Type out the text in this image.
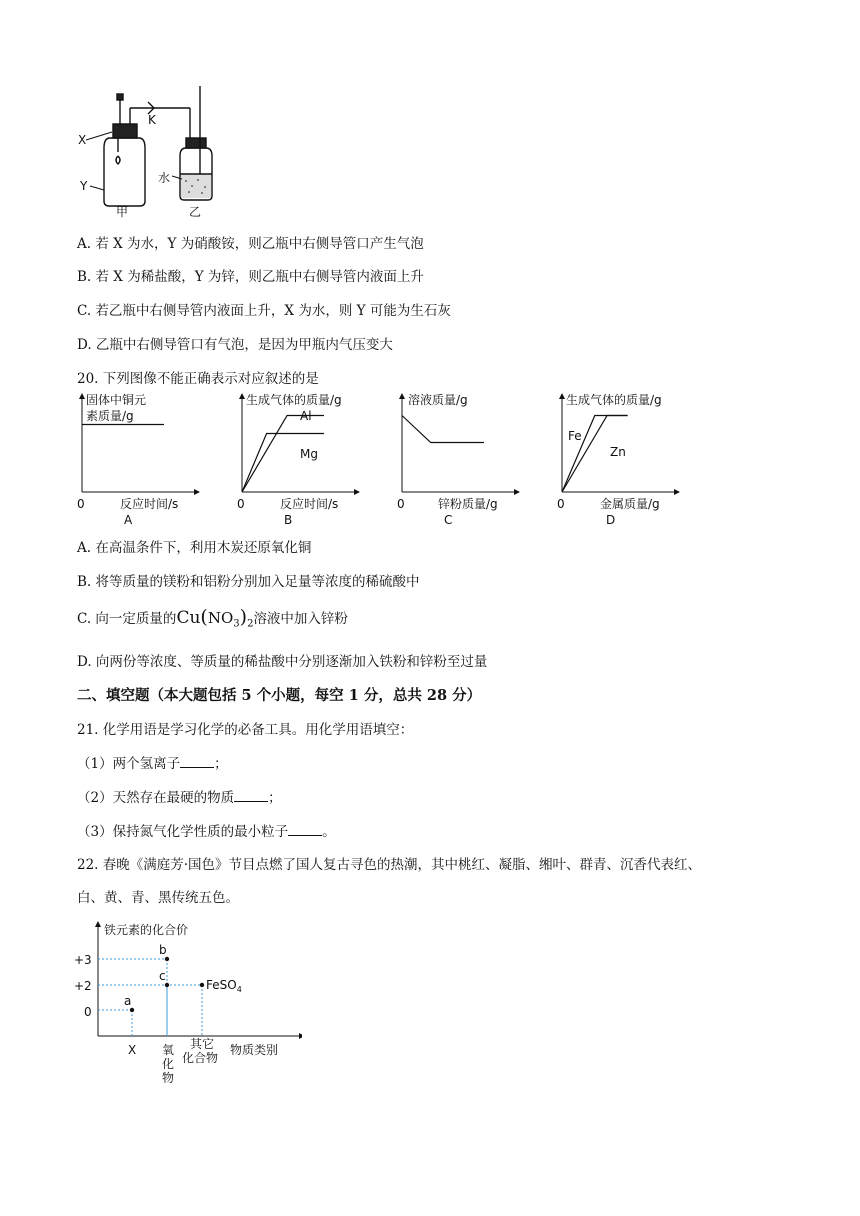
X
K
Y
水
甲	乙
A. 若 X 为水，Y 为硝酸铵，则乙瓶中右侧导管口产生气泡
B. 若 X 为稀盐酸，Y 为锌，则乙瓶中右侧导管内液面上升
C. 若乙瓶中右侧导管内液面上升，X 为水，则 Y 可能为生石灰
D. 乙瓶中右侧导管口有气泡，是因为甲瓶内气压变大
20. 下列图像不能正确表示对应叙述的是
固体中铜元
素质量/g
0	反应时间/s
A
生成气体的质量/g
Al
Mg
0	反应时间/s
B
溶液质量/g
0	锌粉质量/g
C
生成气体的质量/g
Fe
Zn
0	金属质量/g
D
A. 在高温条件下，利用木炭还原氧化铜
B. 将等质量的镁粉和铝粉分别加入足量等浓度的稀硫酸中
C. 向一定质量的$Cu(NO_3)_2$溶液中加入锌粉
D. 向两份等浓度、等质量的稀盐酸中分别逐渐加入铁粉和锌粉至过量
二、填空题（本大题包括 5 个小题，每空 1 分，总共 28 分）
21. 化学用语是学习化学的必备工具。用化学用语填空：
（1）两个氢离子	；
（2）天然存在最硬的物质	；
（3）保持氮气化学性质的最小粒子	。
22. 春晚《满庭芳·国色》节目点燃了国人复古寻色的热潮，其中桃红、凝脂、缃叶、群青、沉香代表红、
白、黄、青、黑传统五色。
a
b
c
FeSO$_4$
铁元素的化合价
+3
+2
0
X 氧化物
其它化合物
物质类别
